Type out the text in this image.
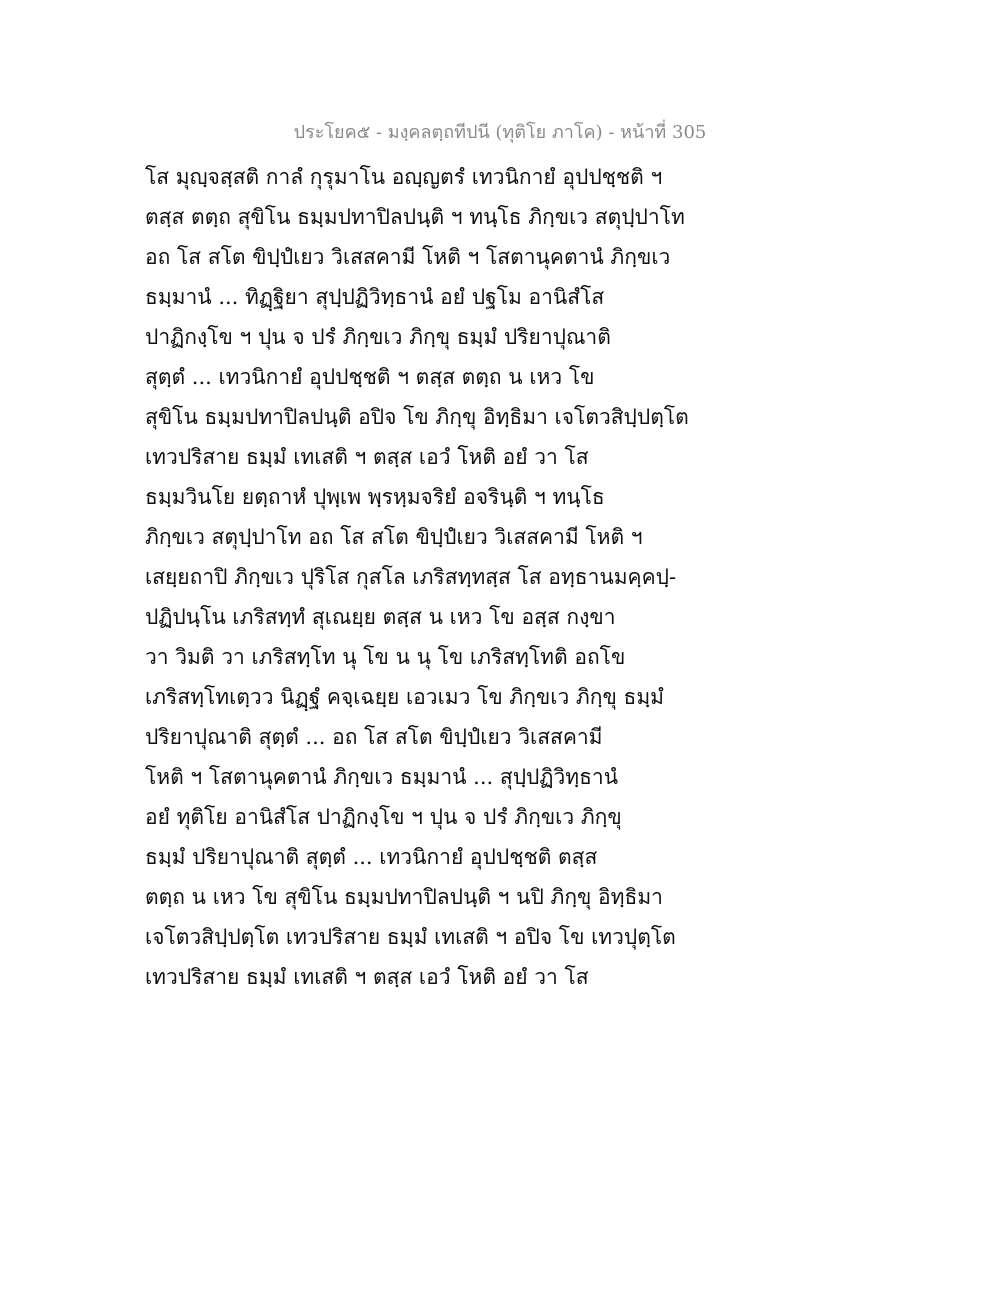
ประโยค๕ - มงฺคลตฺถทีปนี (ทุติโย ภาโค) - หน้าที่ 305
โส มุญฺจสฺสติ กาลํ กุรุมาโน อญฺญตรํ เทวนิกายํ อุปปชฺชติ ฯ
ตสฺส ตตฺถ สุขิโน ธมฺมปทาปิลปนฺติ ฯ ทนฺโธ ภิกฺขเว สตุปฺปาโท
อถ โส สโต ขิปฺปํเยว วิเสสคามี โหติ ฯ โสตานุคตานํ ภิกฺขเว
ธมฺมานํ ... ทิฏฺฐิยา สุปฺปฏิวิทฺธานํ อยํ ปฐโม อานิสํโส
ปาฏิกงฺโข ฯ ปุน จ ปรํ ภิกฺขเว ภิกฺขุ ธมฺมํ ปริยาปุณาติ
สุตฺตํ ... เทวนิกายํ อุปปชฺชติ ฯ ตสฺส ตตฺถ น เหว โข
สุขิโน ธมฺมปทาปิลปนฺติ อปิจ โข ภิกฺขุ อิทฺธิมา เจโตวสิปฺปตฺโต
เทวปริสาย ธมฺมํ เทเสติ ฯ ตสฺส เอวํ โหติ อยํ วา โส
ธมฺมวินโย ยตฺถาหํ ปุพฺเพ พฺรหฺมจริยํ อจรินฺติ ฯ ทนฺโธ
ภิกฺขเว สตุปฺปาโท อถ โส สโต ขิปฺปํเยว วิเสสคามี โหติ ฯ
เสยฺยถาปิ ภิกฺขเว ปุริโส กุสโล เภริสทฺทสฺส โส อทฺธานมคฺคปฺ-
ปฏิปนฺโน เภริสทฺทํ สุเณยฺย ตสฺส น เหว โข อสฺส กงฺขา
วา วิมติ วา เภริสทฺโท นุ โข น นุ โข เภริสทฺโทติ อถโข
เภริสทฺโทเตฺวว นิฏฺฐํ คจฺเฉยฺย เอวเมว โข ภิกฺขเว ภิกฺขุ ธมฺมํ
ปริยาปุณาติ สุตฺตํ ... อถ โส สโต ขิปฺปํเยว วิเสสคามี
โหติ ฯ โสตานุคตานํ ภิกฺขเว ธมฺมานํ ... สุปฺปฏิวิทฺธานํ
อยํ ทุติโย อานิสํโส ปาฏิกงฺโข ฯ ปุน จ ปรํ ภิกฺขเว ภิกฺขุ
ธมฺมํ ปริยาปุณาติ สุตฺตํ ... เทวนิกายํ อุปปชฺชติ ตสฺส
ตตฺถ น เหว โข สุขิโน ธมฺมปทาปิลปนฺติ ฯ นปิ ภิกฺขุ อิทฺธิมา
เจโตวสิปฺปตฺโต เทวปริสาย ธมฺมํ เทเสติ ฯ อปิจ โข เทวปุตฺโต
เทวปริสาย ธมฺมํ เทเสติ ฯ ตสฺส เอวํ โหติ อยํ วา โส
